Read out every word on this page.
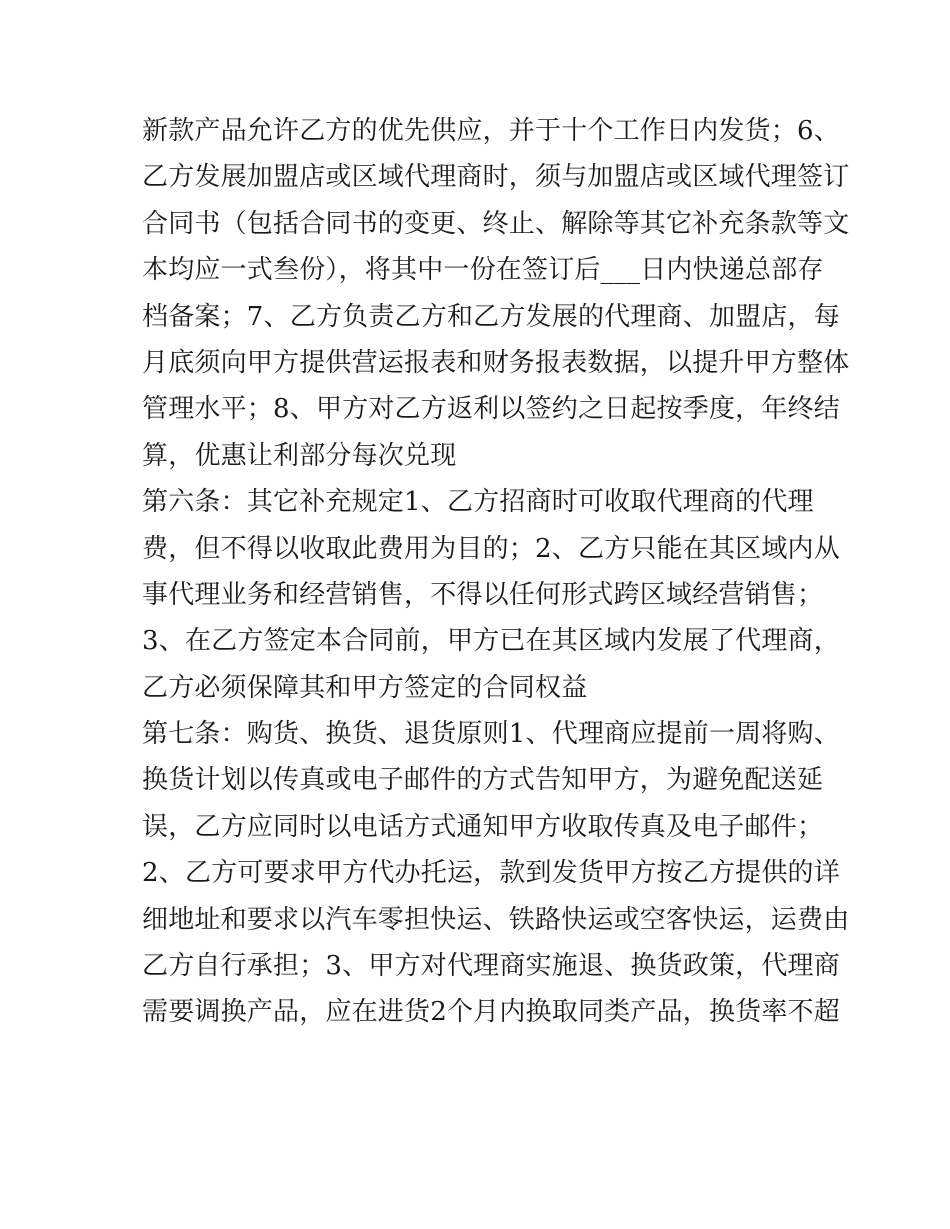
新款产品允许乙方的优先供应，并于十个工作日内发货；6、
乙方发展加盟店或区域代理商时，须与加盟店或区域代理签订
合同书（包括合同书的变更、终止、解除等其它补充条款等文
本均应一式叁份），将其中一份在签订后___日内快递总部存
档备案；7、乙方负责乙方和乙方发展的代理商、加盟店，每
月底须向甲方提供营运报表和财务报表数据，以提升甲方整体
管理水平；8、甲方对乙方返利以签约之日起按季度，年终结
算，优惠让利部分每次兑现
第六条：其它补充规定1、乙方招商时可收取代理商的代理
费，但不得以收取此费用为目的；2、乙方只能在其区域内从
事代理业务和经营销售，不得以任何形式跨区域经营销售；
3、在乙方签定本合同前，甲方已在其区域内发展了代理商，
乙方必须保障其和甲方签定的合同权益
第七条：购货、换货、退货原则1、代理商应提前一周将购、
换货计划以传真或电子邮件的方式告知甲方，为避免配送延
误，乙方应同时以电话方式通知甲方收取传真及电子邮件；
2、乙方可要求甲方代办托运，款到发货甲方按乙方提供的详
细地址和要求以汽车零担快运、铁路快运或空客快运，运费由
乙方自行承担；3、甲方对代理商实施退、换货政策，代理商
需要调换产品，应在进货2个月内换取同类产品，换货率不超
